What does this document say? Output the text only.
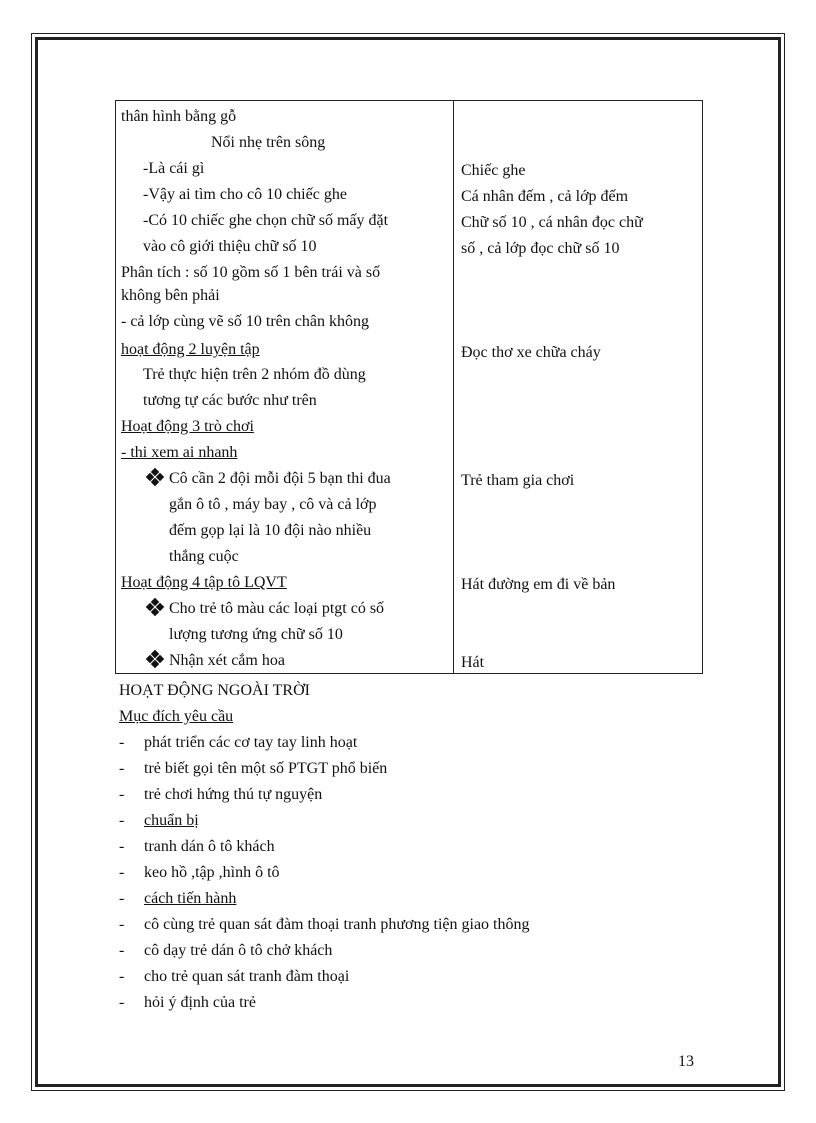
thân hình bằng gỗ
Nổi nhẹ trên sông
-Là cái gì
-Vậy ai tìm cho cô 10 chiếc ghe
-Có 10 chiếc ghe chọn chữ số mấy đặt
vào cô giới thiệu chữ số 10
Phân tích : số 10 gồm số 1 bên trái và số
không bên phải
- cả lớp cùng vẽ số 10 trên chân không
hoạt động 2 luyện tập
Trẻ thực hiện trên 2 nhóm đồ dùng
tương tự các bước như trên
Hoạt động 3 trò chơi
- thi xem ai nhanh
Cô cần 2 đội mỗi đội 5 bạn thi đua
gắn ô tô , máy bay , cô và cả lớp
đếm gọp lại là 10 đội nào nhiều
thắng cuộc
Hoạt động 4 tập tô LQVT
Cho trẻ tô màu các loại ptgt có số
lượng tương ứng chữ số 10
Nhận xét cắm hoa
Chiếc ghe
Cá nhân đếm , cả lớp đếm
Chữ số 10 , cá nhân đọc chữ
số , cả lớp đọc chữ số 10
Đọc thơ xe chữa cháy
Trẻ tham gia chơi
Hát đường em đi về bản
Hát
HOẠT ĐỘNG NGOÀI TRỜI
Mục đích yêu cầu
- phát triển các cơ tay tay linh hoạt
- trẻ biết gọi tên một số PTGT phổ biến
- trẻ chơi hứng thú tự nguyện
- chuẩn bị
- tranh dán ô tô khách
- keo hồ ,tập ,hình ô tô
- cách tiến hành
- cô cùng trẻ quan sát đàm thoại tranh phương tiện giao thông
- cô dạy trẻ dán ô tô chở khách
- cho trẻ quan sát tranh đàm thoại
- hỏi ý định của trẻ
13
